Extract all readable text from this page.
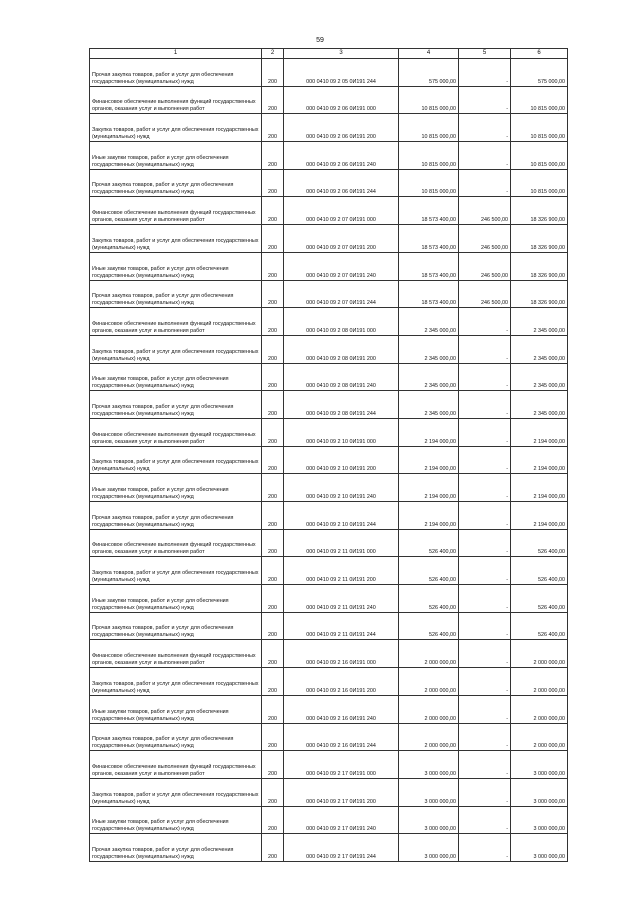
59
1	2	3	4	5	6
Прочая закупка товаров, работ и услуг для обеспечения государственных (муниципальных) нужд	200	000 0410 09 2 05 0И191 244	575 000,00	-	575 000,00
Финансовое обеспечение выполнения функций государственных органов, оказания услуг и выполнения работ	200	000 0410 09 2 06 0И191 000	10 815 000,00	-	10 815 000,00
Закупка товаров, работ и услуг для обеспечения государственных (муниципальных) нужд	200	000 0410 09 2 06 0И191 200	10 815 000,00	-	10 815 000,00
Иные закупки товаров, работ и услуг для обеспечения государственных (муниципальных) нужд	200	000 0410 09 2 06 0И191 240	10 815 000,00	-	10 815 000,00
Прочая закупка товаров, работ и услуг для обеспечения государственных (муниципальных) нужд	200	000 0410 09 2 06 0И191 244	10 815 000,00	-	10 815 000,00
Финансовое обеспечение выполнения функций государственных органов, оказания услуг и выполнения работ	200	000 0410 09 2 07 0И191 000	18 573 400,00	246 500,00	18 326 900,00
Закупка товаров, работ и услуг для обеспечения государственных (муниципальных) нужд	200	000 0410 09 2 07 0И191 200	18 573 400,00	246 500,00	18 326 900,00
Иные закупки товаров, работ и услуг для обеспечения государственных (муниципальных) нужд	200	000 0410 09 2 07 0И191 240	18 573 400,00	246 500,00	18 326 900,00
Прочая закупка товаров, работ и услуг для обеспечения государственных (муниципальных) нужд	200	000 0410 09 2 07 0И191 244	18 573 400,00	246 500,00	18 326 900,00
Финансовое обеспечение выполнения функций государственных органов, оказания услуг и выполнения работ	200	000 0410 09 2 08 0И191 000	2 345 000,00	-	2 345 000,00
Закупка товаров, работ и услуг для обеспечения государственных (муниципальных) нужд	200	000 0410 09 2 08 0И191 200	2 345 000,00	-	2 345 000,00
Иные закупки товаров, работ и услуг для обеспечения государственных (муниципальных) нужд	200	000 0410 09 2 08 0И191 240	2 345 000,00	-	2 345 000,00
Прочая закупка товаров, работ и услуг для обеспечения государственных (муниципальных) нужд	200	000 0410 09 2 08 0И191 244	2 345 000,00	-	2 345 000,00
Финансовое обеспечение выполнения функций государственных органов, оказания услуг и выполнения работ	200	000 0410 09 2 10 0И191 000	2 194 000,00	-	2 194 000,00
Закупка товаров, работ и услуг для обеспечения государственных (муниципальных) нужд	200	000 0410 09 2 10 0И191 200	2 194 000,00	-	2 194 000,00
Иные закупки товаров, работ и услуг для обеспечения государственных (муниципальных) нужд	200	000 0410 09 2 10 0И191 240	2 194 000,00	-	2 194 000,00
Прочая закупка товаров, работ и услуг для обеспечения государственных (муниципальных) нужд	200	000 0410 09 2 10 0И191 244	2 194 000,00	-	2 194 000,00
Финансовое обеспечение выполнения функций государственных органов, оказания услуг и выполнения работ	200	000 0410 09 2 11 0И191 000	526 400,00	-	526 400,00
Закупка товаров, работ и услуг для обеспечения государственных (муниципальных) нужд	200	000 0410 09 2 11 0И191 200	526 400,00	-	526 400,00
Иные закупки товаров, работ и услуг для обеспечения государственных (муниципальных) нужд	200	000 0410 09 2 11 0И191 240	526 400,00	-	526 400,00
Прочая закупка товаров, работ и услуг для обеспечения государственных (муниципальных) нужд	200	000 0410 09 2 11 0И191 244	526 400,00	-	526 400,00
Финансовое обеспечение выполнения функций государственных органов, оказания услуг и выполнения работ	200	000 0410 09 2 16 0И191 000	2 000 000,00	-	2 000 000,00
Закупка товаров, работ и услуг для обеспечения государственных (муниципальных) нужд	200	000 0410 09 2 16 0И191 200	2 000 000,00	-	2 000 000,00
Иные закупки товаров, работ и услуг для обеспечения государственных (муниципальных) нужд	200	000 0410 09 2 16 0И191 240	2 000 000,00	-	2 000 000,00
Прочая закупка товаров, работ и услуг для обеспечения государственных (муниципальных) нужд	200	000 0410 09 2 16 0И191 244	2 000 000,00	-	2 000 000,00
Финансовое обеспечение выполнения функций государственных органов, оказания услуг и выполнения работ	200	000 0410 09 2 17 0И191 000	3 000 000,00	-	3 000 000,00
Закупка товаров, работ и услуг для обеспечения государственных (муниципальных) нужд	200	000 0410 09 2 17 0И191 200	3 000 000,00	-	3 000 000,00
Иные закупки товаров, работ и услуг для обеспечения государственных (муниципальных) нужд	200	000 0410 09 2 17 0И191 240	3 000 000,00	-	3 000 000,00
Прочая закупка товаров, работ и услуг для обеспечения государственных (муниципальных) нужд	200	000 0410 09 2 17 0И191 244	3 000 000,00	-	3 000 000,00
